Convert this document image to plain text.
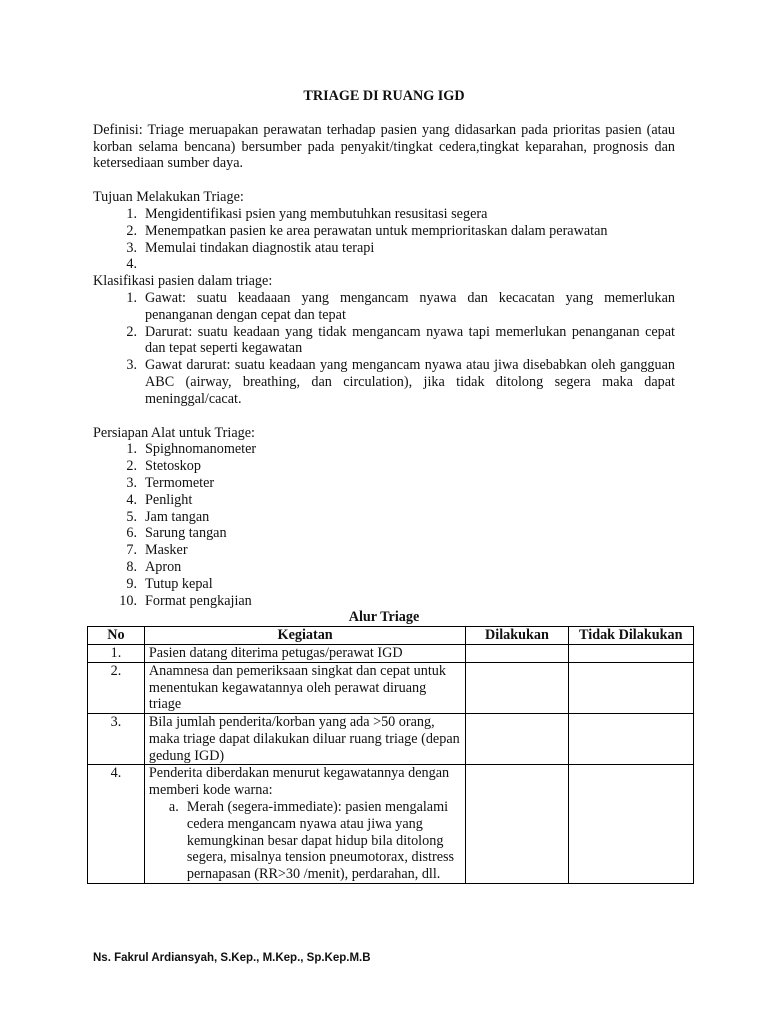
TRIAGE DI RUANG IGD

Definisi: Triage meruapakan perawatan terhadap pasien yang didasarkan pada prioritas pasien (atau korban selama bencana) bersumber pada penyakit/tingkat cedera,tingkat keparahan, prognosis dan ketersediaan sumber daya.

Tujuan Melakukan Triage:
1. Mengidentifikasi psien yang membutuhkan resusitasi segera
2. Menempatkan pasien ke area perawatan untuk memprioritaskan dalam perawatan
3. Memulai tindakan diagnostik atau terapi
4.
Klasifikasi pasien dalam triage:
1. Gawat: suatu keadaaan yang mengancam nyawa dan kecacatan yang memerlukan penanganan dengan cepat dan tepat
2. Darurat: suatu keadaan yang tidak mengancam nyawa tapi memerlukan penanganan cepat dan tepat seperti kegawatan
3. Gawat darurat: suatu keadaan yang mengancam nyawa atau jiwa disebabkan oleh gangguan ABC (airway, breathing, dan circulation), jika tidak ditolong segera maka dapat meninggal/cacat.
Persiapan Alat untuk Triage:
1. Spighnomanometer
2. Stetoskop
3. Termometer
4. Penlight
5. Jam tangan
6. Sarung tangan
7. Masker
8. Apron
9. Tutup kepal
10. Format pengkajian
Alur Triage
No	Kegiatan	Dilakukan	Tidak Dilakukan
1.	Pasien datang diterima petugas/perawat IGD		
2.	Anamnesa dan pemeriksaan singkat dan cepat untuk menentukan kegawatannya oleh perawat diruang triage		
3.	Bila jumlah penderita/korban yang ada >50 orang, maka triage dapat dilakukan diluar ruang triage (depan gedung IGD)		
4.	Penderita diberdakan menurut kegawatannya dengan memberi kode warna:
a. Merah (segera-immediate): pasien mengalami cedera mengancam nyawa atau jiwa yang kemungkinan besar dapat hidup bila ditolong segera, misalnya tension pneumotorax, distress pernapasan (RR>30 /menit), perdarahan, dll.		

Ns. Fakrul Ardiansyah, S.Kep., M.Kep., Sp.Kep.M.B
